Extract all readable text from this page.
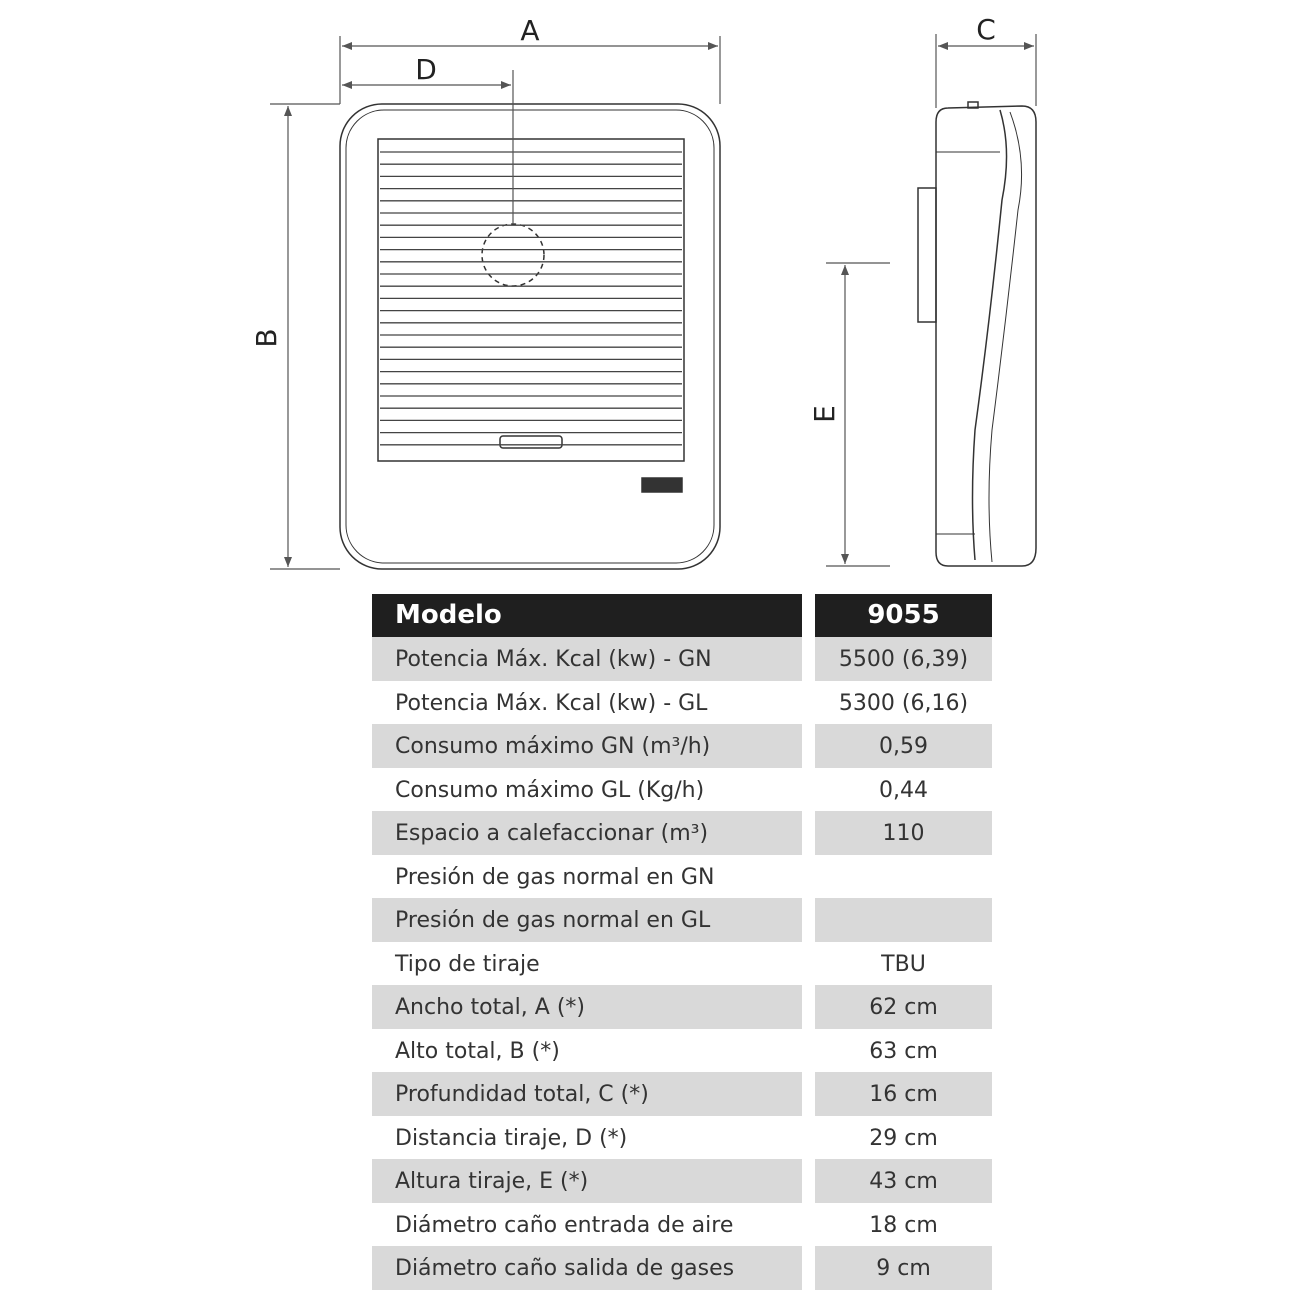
A
D
C
B
E
Modelo	9055
Potencia Máx. Kcal (kw) - GN	5500 (6,39)
Potencia Máx. Kcal (kw) - GL	5300 (6,16)
Consumo máximo GN (m³/h)	0,59
Consumo máximo GL (Kg/h)	0,44
Espacio a calefaccionar (m³)	110
Presión de gas normal en GN
Presión de gas normal en GL
Tipo de tiraje	TBU
Ancho total, A (*)	62 cm
Alto total, B (*)	63 cm
Profundidad total, C (*)	16 cm
Distancia tiraje, D (*)	29 cm
Altura tiraje, E (*)	43 cm
Diámetro caño entrada de aire	18 cm
Diámetro caño salida de gases	9 cm
